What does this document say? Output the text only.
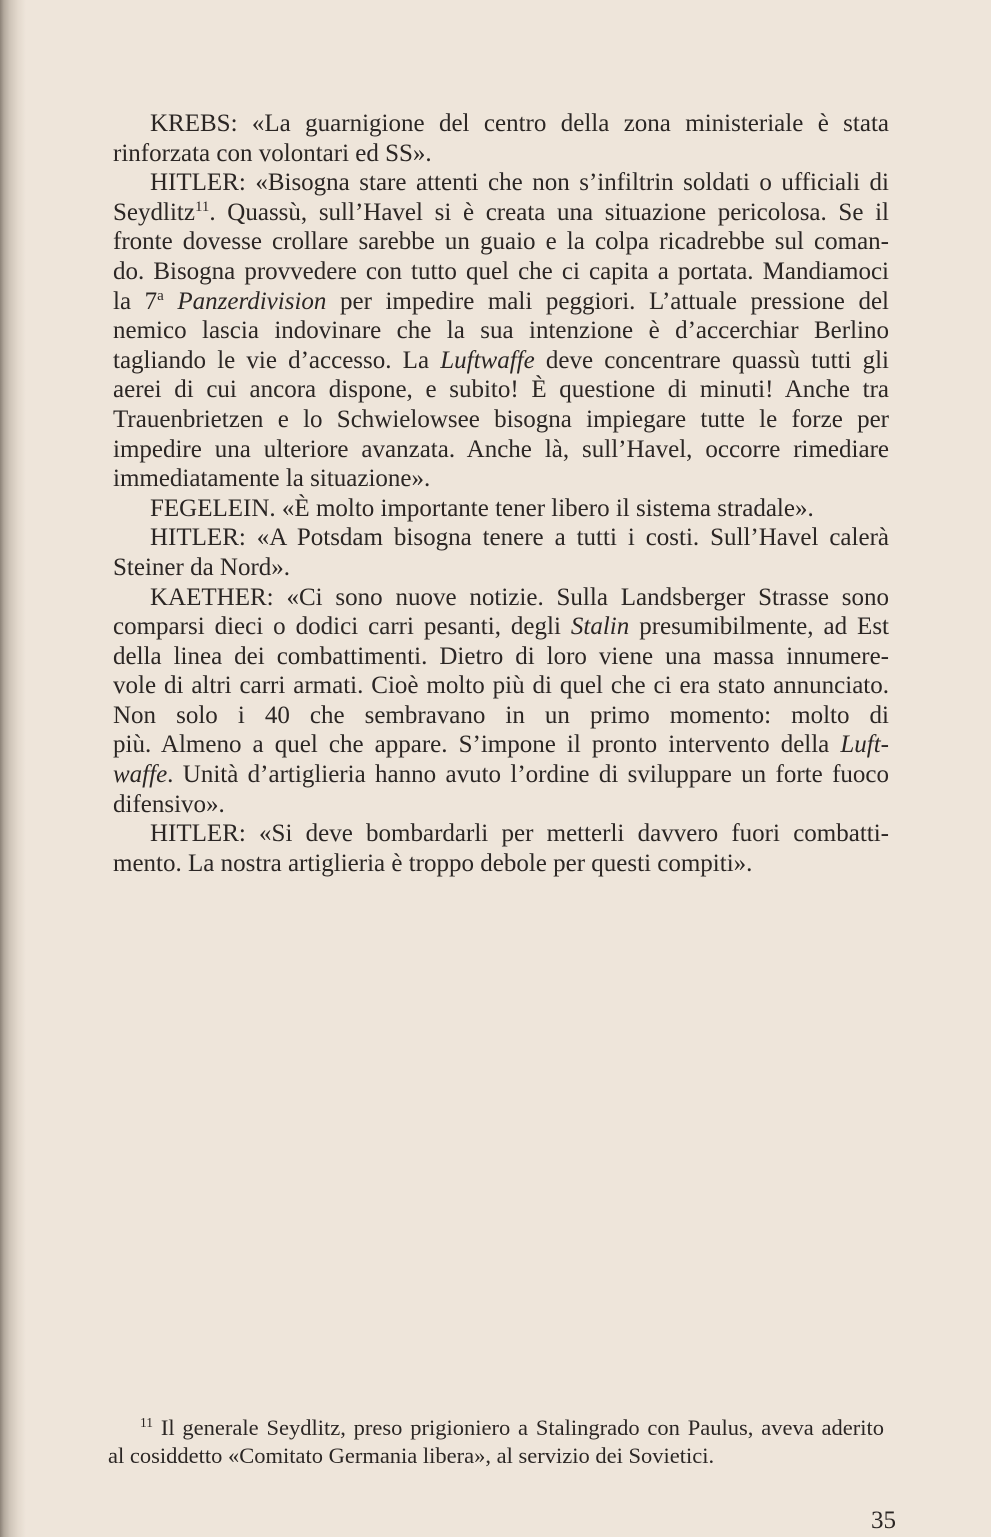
KREBS: «La guarnigione del centro della zona ministeriale è stata
rinforzata con volontari ed SS».
HITLER: «Bisogna stare attenti che non s’infiltrin soldati o ufficiali di
Seydlitz$^{11}$. Quassù, sull’Havel si è creata una situazione pericolosa. Se il
fronte dovesse crollare sarebbe un guaio e la colpa ricadrebbe sul coman-
do. Bisogna provvedere con tutto quel che ci capita a portata. Mandiamoci
la 7$^a$ Panzerdivision per impedire mali peggiori. L’attuale pressione del
nemico lascia indovinare che la sua intenzione è d’accerchiar Berlino
tagliando le vie d’accesso. La Luftwaffe deve concentrare quassù tutti gli
aerei di cui ancora dispone, e subito! È questione di minuti! Anche tra
Trauenbrietzen e lo Schwielowsee bisogna impiegare tutte le forze per
impedire una ulteriore avanzata. Anche là, sull’Havel, occorre rimediare
immediatamente la situazione».
FEGELEIN. «È molto importante tener libero il sistema stradale».
HITLER: «A Potsdam bisogna tenere a tutti i costi. Sull’Havel calerà
Steiner da Nord».
KAETHER: «Ci sono nuove notizie. Sulla Landsberger Strasse sono
comparsi dieci o dodici carri pesanti, degli Stalin presumibilmente, ad Est
della linea dei combattimenti. Dietro di loro viene una massa innumere-
vole di altri carri armati. Cioè molto più di quel che ci era stato annunciato.
Non solo i 40 che sembravano in un primo momento: molto di
più. Almeno a quel che appare. S’impone il pronto intervento della Luft-
waffe. Unità d’artiglieria hanno avuto l’ordine di sviluppare un forte fuoco
difensivo».
HITLER: «Si deve bombardarli per metterli davvero fuori combatti-
mento. La nostra artiglieria è troppo debole per questi compiti».
$^{11}$ Il generale Seydlitz, preso prigioniero a Stalingrado con Paulus, aveva aderito
al cosiddetto «Comitato Germania libera», al servizio dei Sovietici.
35
